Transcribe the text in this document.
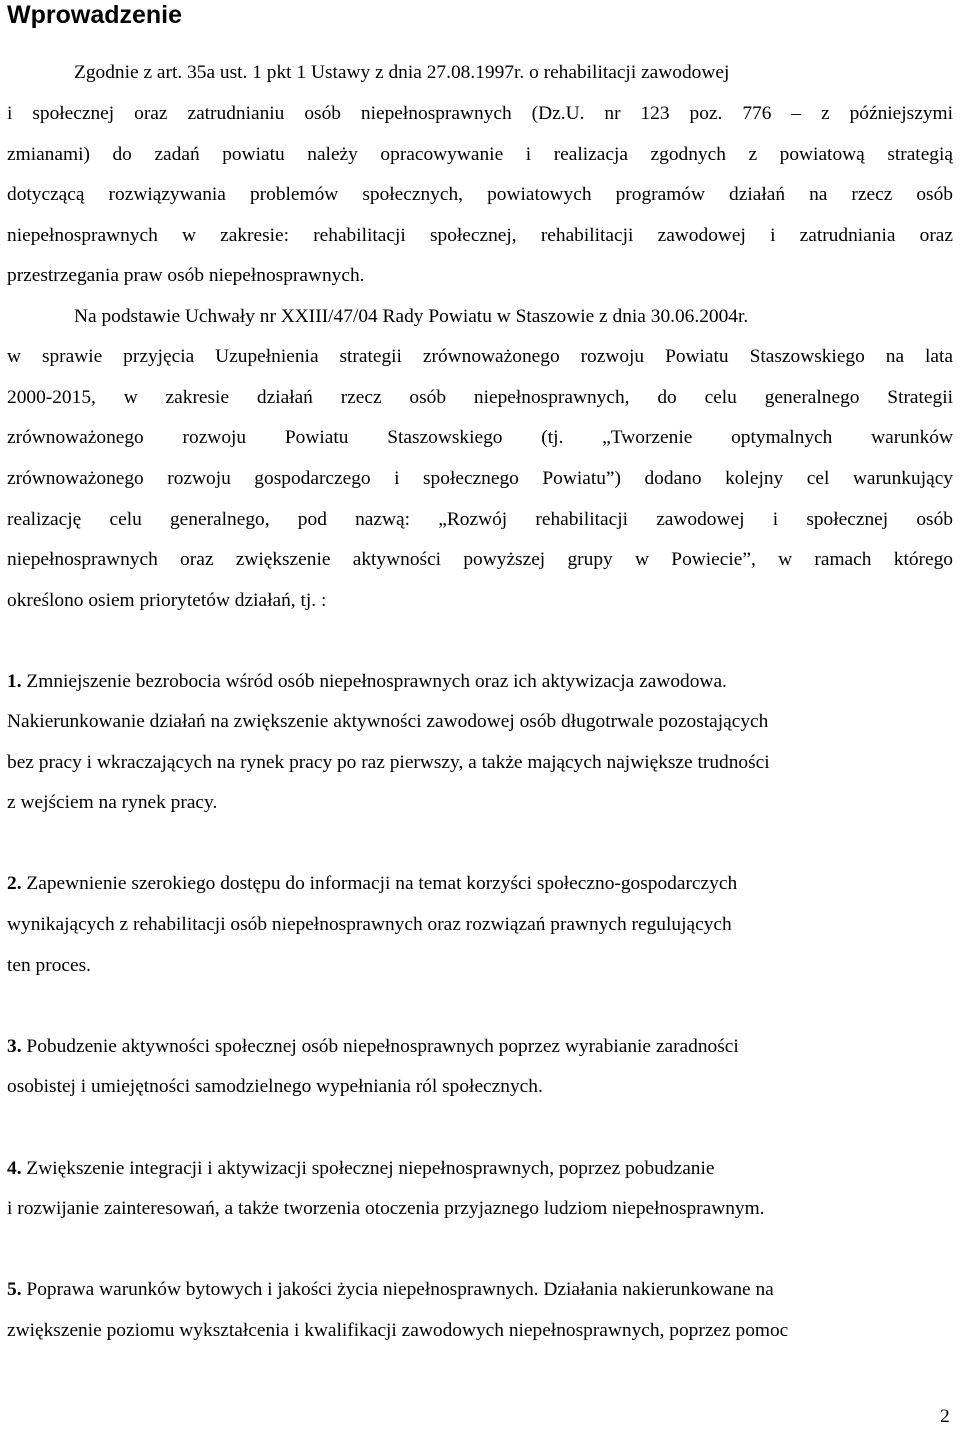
Wprowadzenie

Zgodnie z art. 35a ust. 1 pkt 1 Ustawy z dnia 27.08.1997r. o rehabilitacji zawodowej

i społecznej oraz zatrudnianiu osób niepełnosprawnych (Dz.U. nr 123 poz. 776 – z późniejszymi

zmianami) do zadań powiatu należy opracowywanie i realizacja zgodnych z powiatową strategią

dotyczącą rozwiązywania problemów społecznych, powiatowych programów działań na rzecz osób

niepełnosprawnych w zakresie: rehabilitacji społecznej, rehabilitacji zawodowej i zatrudniania oraz

przestrzegania praw osób niepełnosprawnych.

Na podstawie Uchwały nr XXIII/47/04 Rady Powiatu w Staszowie z dnia 30.06.2004r.

w sprawie przyjęcia Uzupełnienia strategii zrównoważonego rozwoju Powiatu Staszowskiego na lata

2000-2015, w zakresie działań rzecz osób niepełnosprawnych, do celu generalnego Strategii

zrównoważonego rozwoju Powiatu Staszowskiego (tj. „Tworzenie optymalnych warunków

zrównoważonego rozwoju gospodarczego i społecznego Powiatu”) dodano kolejny cel warunkujący

realizację celu generalnego, pod nazwą: „Rozwój rehabilitacji zawodowej i społecznej osób

niepełnosprawnych oraz zwiększenie aktywności powyższej grupy w Powiecie”, w ramach którego

określono osiem priorytetów działań, tj. :

1. Zmniejszenie bezrobocia wśród osób niepełnosprawnych oraz ich aktywizacja zawodowa.

Nakierunkowanie działań na zwiększenie aktywności zawodowej osób długotrwale pozostających

bez pracy i wkraczających na rynek pracy po raz pierwszy, a także mających największe trudności

z wejściem na rynek pracy.

2. Zapewnienie szerokiego dostępu do informacji na temat korzyści społeczno-gospodarczych

wynikających z rehabilitacji osób niepełnosprawnych oraz rozwiązań prawnych regulujących

ten proces.

3. Pobudzenie aktywności społecznej osób niepełnosprawnych poprzez wyrabianie zaradności

osobistej i umiejętności samodzielnego wypełniania ról społecznych.

4. Zwiększenie integracji i aktywizacji społecznej niepełnosprawnych, poprzez pobudzanie

i rozwijanie zainteresowań, a także tworzenia otoczenia przyjaznego ludziom niepełnosprawnym.

5. Poprawa warunków bytowych i jakości życia niepełnosprawnych. Działania nakierunkowane na

zwiększenie poziomu wykształcenia i kwalifikacji zawodowych niepełnosprawnych, poprzez pomoc

2
